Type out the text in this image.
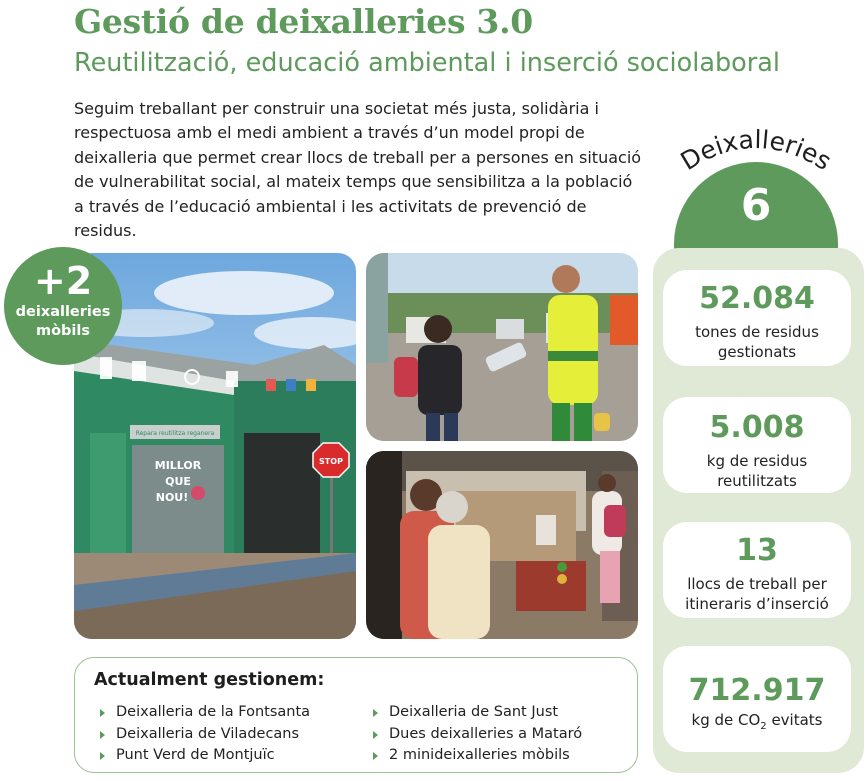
Gestió de deixalleries 3.0
Reutilització, educació ambiental i inserció sociolaboral

Seguim treballant per construir una societat més justa, solidària i respectuosa amb el medi ambient a través d’un model propi de deixalleria que permet crear llocs de treball per a persones en situació de vulnerabilitat social, al mateix temps que sensibilitza a la població a través de l’educació ambiental i les activitats de prevenció de residus.

Deixalleries
6
52.084
tones de residus
gestionats
5.008
kg de residus
reutilitzats
13
llocs de treball per
itineraris d’inserció
712.917
kg de $CO_2$ evitats
+2
deixalleries
mòbils
Repara reutilitza reganera
MILLOR
QUE
NOU!
STOP
Actualment gestionem:
Deixalleria de la Fontsanta
Deixalleria de Viladecans
Punt Verd de Montjuïc
Deixalleria de Sant Just
Dues deixalleries a Mataró
2 minideixalleries mòbils
